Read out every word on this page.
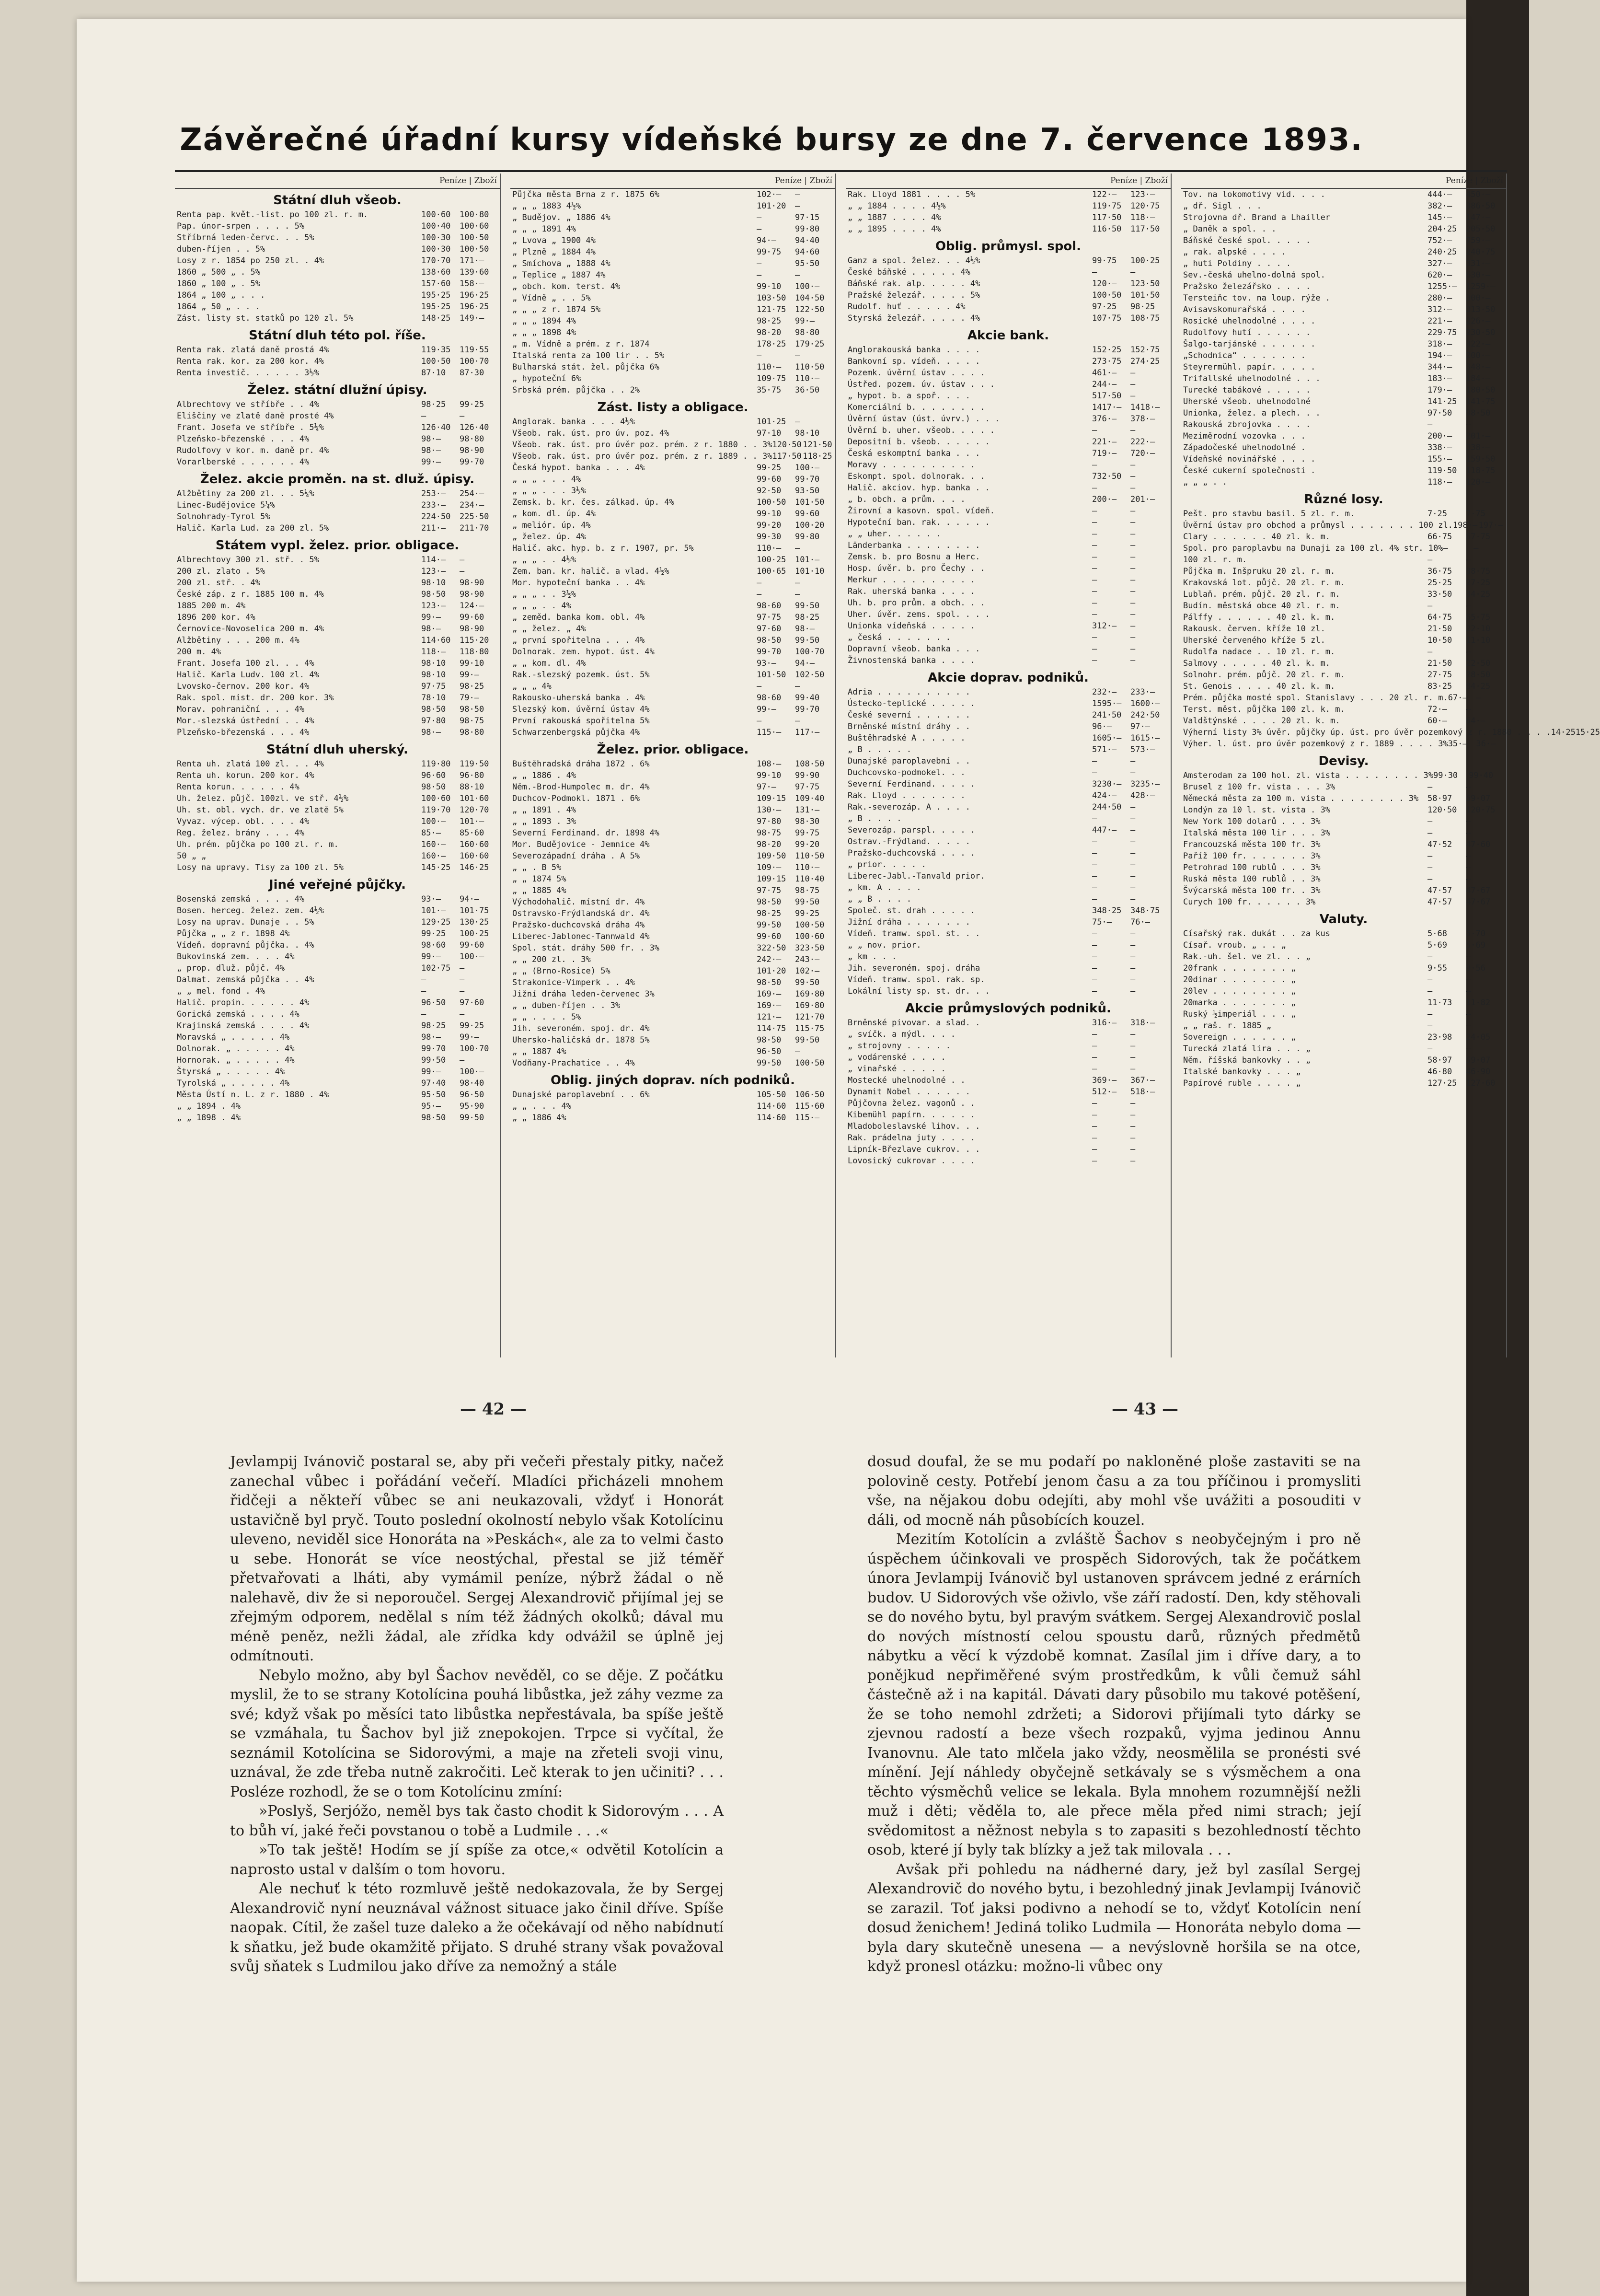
Závěrečné úřadní kursy vídeňské bursy ze dne 7. července 1893.
Peníze | Zboží
Státní dluh všeob.
Renta pap. květ.-list. po 100 zl. r. m.	100·60	100·80
Pap. únor-srpen . . . . 5%	100·40	100·60
Stříbrná leden-červc. . . 5%	100·30	100·50
duben-říjen . . 5%	100·30	100·50
Losy z r. 1854 po 250 zl. . 4%	170·70	171·—
1860 „ 500 „ . 5%	138·60	139·60
1860 „ 100 „ . 5%	157·60	158·—
1864 „ 100 „ . . .	195·25	196·25
1864 „ 50 „ . . .	195·25	196·25
Zást. listy st. statků po 120 zl. 5%	148·25	149·—
Státní dluh této pol. říše.
Renta rak. zlatá daně prostá 4%	119·35	119·55
Renta rak. kor. za 200 kor. 4%	100·50	100·70
Renta investič. . . . . . 3½%	87·10	87·30
Želez. státní dlužní úpisy.
Albrechtovy ve stříbře . . 4%	98·25	99·25
Eliščiny ve zlatě daně prosté 4%	—	—
Frant. Josefa ve stříbře . 5¼%	126·40	126·40
Plzeňsko-březenské . . . 4%	98·—	98·80
Rudolfovy v kor. m. daně pr. 4%	98·—	98·90
Vorarlberské . . . . . . 4%	99·—	99·70
Želez. akcie proměn. na st. dluž. úpisy.
Alžbětiny za 200 zl. . . 5¼%	253·—	254·—
Linec-Budějovice 5¼%	233·—	234·—
Solnohrady-Tyrol 5%	224·50	225·50
Halič. Karla Lud. za 200 zl. 5%	211·—	211·70
Státem vypl. želez. prior. obligace.
Albrechtovy 300 zl. stř. . 5%	114·—	—
200 zl. zlato . 5%	123·—	—
200 zl. stř. . 4%	98·10	98·90
České záp. z r. 1885 100 m. 4%	98·50	98·90
1885 200 m. 4%	123·—	124·—
1896 200 kor. 4%	99·—	99·60
Černovice-Novoselica 200 m. 4%	98·—	98·90
Alžbětiny . . . 200 m. 4%	114·60	115·20
200 m. 4%	118·—	118·80
Frant. Josefa 100 zl. . . 4%	98·10	99·10
Halič. Karla Ludv. 100 zl. 4%	98·10	99·—
Lvovsko-černov. 200 kor. 4%	97·75	98·25
Rak. spol. mist. dr. 200 kor. 3%	78·10	79·—
Morav. pohraniční . . . 4%	98·50	98·50
Mor.-slezská ústřední . . 4%	97·80	98·75
Plzeňsko-březenská . . . 4%	98·—	98·80
Státní dluh uherský.
Renta uh. zlatá 100 zl. . . 4%	119·80	119·50
Renta uh. korun. 200 kor. 4%	96·60	96·80
Renta korun. . . . . . 4%	98·50	88·10
Uh. želez. půjč. 100zl. ve stř. 4½%	100·60	101·60
Uh. st. obl. vych. dr. ve zlatě 5%	119·70	120·70
Vyvaz. výcep. obl. . . . 4%	100·—	101·—
Reg. želez. brány . . . 4%	85·—	85·60
Uh. prém. půjčka po 100 zl. r. m.	160·—	160·60
50 „ „	160·—	160·60
Losy na upravy. Tisy za 100 zl. 5%	145·25	146·25
Jiné veřejné půjčky.
Bosenská zemská . . . . 4%	93·—	94·—
Bosen. herceg. želez. zem. 4½%	101·—	101·75
Losy na uprav. Dunaje . . 5%	129·25	130·25
Půjčka „ „ z r. 1898 4%	99·25	100·25
Vídeň. dopravní půjčka. . 4%	98·60	99·60
Bukovinská zem. . . . 4%	99·—	100·—
„ prop. dluž. půjč. 4%	102·75	—
Dalmat. zemská půjčka . . 4%	—	—
„ „ mel. fond . 4%	—	—
Halič. propin. . . . . . 4%	96·50	97·60
Gorická zemská . . . . 4%	—	—
Krajinská zemská . . . . 4%	98·25	99·25
Moravská „ . . . . . 4%	98·—	99·—
Dolnorak. „ . . . . . 4%	99·70	100·70
Hornorak. „ . . . . . 4%	99·50	—
Štyrská „ . . . . . 4%	99·—	100·—
Tyrolská „ . . . . . 4%	97·40	98·40
Města Ústí n. L. z r. 1880 . 4%	95·50	96·50
„ „ 1894 . 4%	95·—	95·90
„ „ 1898 . 4%	98·50	99·50
Peníze | Zboží
Půjčka města Brna z r. 1875 6%	102·—	—
„ „ „ 1883 4½%	101·20	—
„ Budějov. „ 1886 4%	—	97·15
„ „ „ 1891 4%	—	99·80
„ Lvova „ 1900 4%	94·—	94·40
„ Plzně „ 1884 4%	99·75	94·60
„ Smíchova „ 1888 4%	—	95·50
„ Teplice „ 1887 4%	—	—
„ obch. kom. terst. 4%	99·10	100·—
„ Vídně „ . . 5%	103·50	104·50
„ „ „ z r. 1874 5%	121·75	122·50
„ „ „ 1894 4%	98·25	99·—
„ „ „ 1898 4%	98·20	98·80
„ m. Vídně a prém. z r. 1874	178·25	179·25
Italská renta za 100 lir . . 5%	—	—
Bulharská stát. žel. půjčka 6%	110·—	110·50
„ hypoteční 6%	109·75	110·—
Srbská prém. půjčka . . 2%	35·75	36·50
Zást. listy a obligace.
Anglorak. banka . . . 4½%	101·25	—
Všeob. rak. úst. pro úv. poz. 4%	97·10	98·10
Všeob. rak. úst. pro úvěr poz. prém. z r. 1880 . . 3% 120·50 121·50
Všeob. rak. úst. pro úvěr poz. prém. z r. 1889 . . 3% 117·50 118·25
Česká hypot. banka . . . 4%	99·25	100·—
„ „ „ . . . 4%	99·60	99·70
„ „ „ . . . 3½%	92·50	93·50
Zemsk. b. kr. čes. zálkad. úp. 4%	100·50	101·50
„ kom. dl. úp. 4%	99·10	99·60
„ meliór. úp. 4%	99·20	100·20
„ želez. úp. 4%	99·30	99·80
Halič. akc. hyp. b. z r. 1907, pr. 5%	110·—	—
„ „ „ . . 4½%	100·25	101·—
Zem. ban. kr. halič. a vlad. 4½%	100·65	101·10
Mor. hypoteční banka . . 4%	—	—
„ „ „ . . 3½%	—	—
„ „ „ . . 4%	98·60	99·50
„ zeměd. banka kom. obl. 4%	97·75	98·25
„ „ želez. „ 4%	97·60	98·—
„ první spořitelna . . . 4%	98·50	99·50
Dolnorak. zem. hypot. úst. 4%	99·70	100·70
„ „ kom. dl. 4%	93·—	94·—
Rak.-slezský pozemk. úst. 5%	101·50	102·50
„ „ „ 4%	—	—
Rakousko-uherská banka . 4%	98·60	99·40
Slezský kom. úvěrní ústav 4%	99·—	99·70
První rakouská spořitelna 5%	—	—
Schwarzenbergská půjčka 4%	115·—	117·—
Želez. prior. obligace.
Buštěhradská dráha 1872 . 6%	108·—	108·50
„ „ 1886 . 4%	99·10	99·90
Něm.-Brod-Humpolec m. dr. 4%	97·—	97·75
Duchcov-Podmokl. 1871 . 6%	109·15	109·40
„ „ 1891 . 4%	130·—	131·—
„ „ 1893 . 3%	97·80	98·30
Severní Ferdinand. dr. 1898 4%	98·75	99·75
Mor. Budějovice - Jemnice 4%	98·20	99·20
Severozápadní dráha . A 5%	109·50	110·50
„ „ . B 5%	109·—	110·—
„ „ 1874 5%	109·15	110·40
„ „ 1885 4%	97·75	98·75
Východohalič. místní dr. 4%	98·50	99·50
Ostravsko-Frýdlandská dr. 4%	98·25	99·25
Pražsko-duchcovská dráha 4%	99·50	100·50
Liberec-Jablonec-Tannwald 4%	99·60	100·60
Spol. stát. dráhy 500 fr. . 3%	322·50	323·50
„ „ 200 zl. . 3%	242·—	243·—
„ „ (Brno-Rosice) 5%	101·20	102·—
Strakonice-Vimperk . . 4%	98·50	99·50
Jižní dráha leden-červenec 3%	169·—	169·80
„ „ duben-říjen . . 3%	169·—	169·80
„ „ . . . . 5%	121·—	121·70
Jih. severoném. spoj. dr. 4%	114·75	115·75
Uhersko-haličská dr. 1878 5%	98·50	99·50
„ „ 1887 4%	96·50	—
Vodňany-Prachatice . . 4%	99·50	100·50
Oblig. jiných doprav. ních podniků.
Dunajské paroplavební . . 6%	105·50	106·50
„ „ . . . 4%	114·60	115·60
„ „ 1886 4%	114·60	115·—
Peníze | Zboží
Rak. Lloyd 1881 . . . . 5%	122·—	123·—
„ „ 1884 . . . . 4½%	119·75	120·75
„ „ 1887 . . . . 4%	117·50	118·—
„ „ 1895 . . . . 4%	116·50	117·50
Oblig. průmysl. spol.
Ganz a spol. želez. . . 4½%	99·75	100·25
České báňské . . . . . 4%	—	—
Báňské rak. alp. . . . . 4%	120·—	123·50
Pražské železář. . . . . 5%	100·50	101·50
Rudolf. huť . . . . . 4%	97·25	98·25
Styrská železář. . . . . 4%	107·75	108·75
Akcie bank.
Anglorakouská banka . . . .	152·25	152·75
Bankovní sp. vídeň. . . . .	273·75	274·25
Pozemk. úvěrní ústav . . . .	461·—	—
Ústřed. pozem. úv. ústav . . .	244·—	—
„ hypot. b. a spoř. . . .	517·50	—
Komerciální b. . . . . . . .	1417·—	1418·—
Úvěrní ústav (úst. úvrv.) . . .	376·—	378·—
Úvěrní b. uher. všeob. . . . .	—	—
Depositní b. všeob. . . . . .	221·—	222·—
Česká eskomptní banka . . .	719·—	720·—
Moravy . . . . . . . . . .	—	—
Eskompt. spol. dolnorak. . .	732·50	—
Halič. akciov. hyp. banka . .	—	—
„ b. obch. a prům. . . .	200·—	201·—
Žirovní a kasovn. spol. vídeň.	—	—
Hypoteční ban. rak. . . . . .	—	—
„ „ uher. . . . . .	—	—
Länderbanka . . . . . . . .	—	—
Zemsk. b. pro Bosnu a Herc.	—	—
Hosp. úvěr. b. pro Čechy . .	—	—
Merkur . . . . . . . . . .	—	—
Rak. uherská banka . . . .	—	—
Uh. b. pro prům. a obch. . .	—	—
Uher. úvěr. zems. spol. . . .	—	—
Unionka vídeňská . . . . .	312·—	—
„ česká . . . . . . .	—	—
Dopravní všeob. banka . . .	—	—
Živnostenská banka . . . .	—	—
Akcie doprav. podniků.
Adria . . . . . . . . . .	232·—	233·—
Ústecko-teplické . . . . .	1595·—	1600·—
České severní . . . . . .	241·50	242·50
Brněnské místní dráhy . .	96·—	97·—
Buštěhradské A . . . . .	1605·—	1615·—
„ B . . . . .	571·—	573·—
Dunajské paroplavební . .	—	—
Duchcovsko-podmokel. . .	—	—
Severní Ferdinand. . . . .	3230·—	3235·—
Rak. Lloyd . . . . . . .	424·—	428·—
Rak.-severozáp. A . . . .	244·50	—
„ B . . . .	—	—
Severozáp. parspl. . . . .	447·—	—
Ostrav.-Frýdland. . . . .	—	—
Pražsko-duchcovská . . . .	—	—
„ prior. . . . .	—	—
Liberec-Jabl.-Tanvald prior.	—	—
„ km. A . . . .	—	—
„ „ B . . . .	—	—
Společ. st. drah . . . . .	348·25	348·75
Jižní dráha . . . . . . .	75·—	76·—
Vídeň. tramw. spol. st. . .	—	—
„ „ nov. prior.	—	—
„ km . . .	—	—
Jih. severoném. spoj. dráha	—	—
Vídeň. tramw. spol. rak. sp.	—	—
Lokální listy sp. st. dr. . .	—	—
Akcie průmyslových podniků.
Brněnské pivovar. a slad. .	316·—	318·—
„ svíčk. a mýdl. . . .	—	—
„ strojovny . . . . .	—	—
„ vodárenské . . . .	—	—
„ vinařské . . . . .	—	—
Mostecké uhelnodolné . .	369·—	367·—
Dynamit Nobel . . . . . .	512·—	518·—
Půjčovna želez. vagonů . .	—	—
Kibemühl papírn. . . . . .	—	—
Mladoboleslavské lihov. . .	—	—
Rak. prádelna juty . . . .	—	—
Lipník-Březlave cukrov. . .	—	—
Lovosický cukrovar . . . .	—	—
Peníze | Zboží
Tov. na lokomotivy vid. . . .	444·—	450·—
„ dř. Sigl . . .	382·—	386·50
Strojovna dř. Brand a Lhailler	145·—	147·—
„ Daněk a spol. . .	204·25	205·50
Báňské české spol. . . . .	752·—	759·—
„ rak. alpské . . . .	240·25	240·75
„ huti Poldiny . . . .	327·—	331·—
Sev.-česká uhelno-dolná spol.	620·—	630·—
Pražsko železářsko . . . .	1255·—	1259·—
Tersteiňc tov. na loup. rýže .	280·—	300·—
Avisavskomurařská . . . .	312·—	313·50
Rosické uhelnodolné . . . .	221·—	226·—
Rudolfovy hutí . . . . . .	229·75	230·50
Šalgo-tarjánské . . . . . .	318·—	322·—
„Schodnica“ . . . . . . .	194·—	200·—
Steyrermühl. papír. . . . .	344·—	348·—
Trifallské uhelnodolné . . .	183·—	184·—
Turecké tabákové . . . . .	179·—	180·50
Uherské všeob. uhelnodolné	141·25	141·75
Unionka, želez. a plech. . .	97·50	98·50
Rakouská zbrojovka . . . .	—	—
Meziměrodní vozovka . . .	200·—	201·—
Západočeské uhelnodolné .	338·—	338·—
Vídeňské novinářské . . . .	155·—	159·50
České cukerní společnosti .	119·50	118·75
„ „ „ . .	118·—	120·—
Různé losy.
Pešt. pro stavbu basil. 5 zl. r. m.	7·25	7·75
Úvěrní ústav pro obchod a průmysl . . . . . . . 100 zl. 198·— 197·—
Clary . . . . . . 40 zl. k. m.	66·75	67·75
Spol. pro paroplavbu na Dunaji za 100 zl. 4% str. 10% —	—
100 zl. r. m.	—	—
Půjčka m. Inšpruku 20 zl. r. m.	36·75	38·75
Krakovská lot. půjč. 20 zl. r. m.	25·25	27·25
Lublaň. prém. půjč. 20 zl. r. m.	33·50	34·25
Budín. městská obce 40 zl. r. m.	—	—
Pálffy . . . . . . 40 zl. k. m.	64·75	65·75
Rakousk. červen. kříže 10 zl.	21·50	22·10
Uherské červeného kříže 5 zl.	10·50	11·10
Rudolfa nadace . . 10 zl. r. m.	—	—
Salmovy . . . . . 40 zl. k. m.	21·50	22·50
Solnohr. prém. půjč. 20 zl. r. m.	27·75	28·50
St. Genois . . . . 40 zl. k. m.	83·25	84·25
Prém. půjčka mosté spol. Stanislavy . . . 20 zl. r. m. 67·—	—
Terst. měst. půjčka 100 zl. k. m.	72·—	—
Valdštýnské . . . . 20 zl. k. m.	60·—	64·—
Výherní listy 3% úvěr. půjčky úp. úst. pro úvěr pozemkový z r. 1880 . . . . 14·25 15·25
Výher. l. úst. pro úvěr pozemkový z r. 1889 . . . . 3% 35·—	36·—
Devisy.
Amsterodam za 100 hol. zl. vista . . . . . . . . 3% 99·30	99·40
Brusel z 100 fr. vista . . . 3%	—	—
Německá města za 100 m. vista . . . . . . . . 3%	58·97	59·07
Londýn za 10 l. st. vista . 3%	120·50	120·75
New York 100 dolarů . . . 3%	—	—
Italská města 100 lir . . . 3%	—	—
Francouzská města 100 fr. 3%	47·52	47·60
Paříž 100 fr. . . . . . . 3%	—	—
Petrohrad 100 rublů . . . 3%	—	—
Ruská města 100 rublů . . 3%	—	—
Švýcarská města 100 fr. . 3%	47·57	47·67
Curych 100 fr. . . . . . 3%	47·57	47·67
Valuty.
Císařský rak. dukát . . za kus	5·68	5·70
Císař. vroub. „ . . „	5·69	5·69
Rak.-uh. šel. ve zl. . . „	—	—
20frank . . . . . . . „	9·55	9·56
20dinar . . . . . . . „	—	—
20lev . . . . . . . . „	—	—
20marka . . . . . . . „	11·73	11·82
Ruský ½imperiál . . . „	—	—
„ „ raš. r. 1885 „	—	—
Sovereign . . . . . . „	23·98	24·05
Turecká zlatá lira . . . „	—	—
Něm. říšská bankovky . . „	58·97	59·07
Italské bankovky . . . „	46·80	46·90
Papírové ruble . . . . „	127·25	127·60
— 42 —	— 43 —

Jevlampij Ivánovič postaral se, aby při večeři přestaly pitky, načež zanechal vůbec i pořádání večeří. Mladíci přicházeli mnohem řidčeji a někteří vůbec se ani neukazovali, vždyť i Honorát ustavičně byl pryč. Touto poslední okolností nebylo však Kotolícinu uleveno, neviděl sice Honoráta na »Peskách«, ale za to velmi často u sebe. Honorát se více neostýchal, přestal se již téměř přetvařovati a lháti, aby vymámil peníze, nýbrž žádal o ně nalehavě, div že si neporoučel. Sergej Alexandrovič přijímal jej se zřejmým odporem, nedělal s ním též žádných okolků; dával mu méně peněz, nežli žádal, ale zřídka kdy odvážil se úplně jej odmítnouti.

Nebylo možno, aby byl Šachov nevěděl, co se děje. Z počátku myslil, že to se strany Kotolícina pouhá libůstka, jež záhy vezme za své; když však po měsíci tato libůstka nepřestávala, ba spíše ještě se vzmáhala, tu Šachov byl již znepokojen. Trpce si vyčítal, že seznámil Kotolícina se Sidorovými, a maje na zřeteli svoji vinu, uznával, že zde třeba nutně zakročiti. Leč kterak to jen učiniti? . . . Posléze rozhodl, že se o tom Kotolícinu zmíní:

»Poslyš, Serjóžo, neměl bys tak často chodit k Sidorovým . . . A to bůh ví, jaké řeči povstanou o tobě a Ludmile . . .«

»To tak ještě! Hodím se jí spíše za otce,« odvětil Kotolícin a naprosto ustal v dalším o tom hovoru.

Ale nechuť k této rozmluvě ještě nedokazovala, že by Sergej Alexandrovič nyní neuznával vážnost situace jako činil dříve. Spíše naopak. Cítil, že zašel tuze daleko a že očekávají od něho nabídnutí k sňatku, jež bude okamžitě přijato. S druhé strany však považoval svůj sňatek s Ludmilou jako dříve za nemožný a stále

dosud doufal, že se mu podaří po nakloněné ploše zastaviti se na polovině cesty. Potřebí jenom času a za tou příčinou i promysliti vše, na nějakou dobu odejíti, aby mohl vše uvážiti a posouditi v dáli, od mocně náh působících kouzel.

Mezitím Kotolícin a zvláště Šachov s neobyčejným i pro ně úspěchem účinkovali ve prospěch Sidorových, tak že počátkem února Jevlampij Ivánovič byl ustanoven správcem jedné z erárních budov. U Sidorových vše oživlo, vše září radostí. Den, kdy stěhovali se do nového bytu, byl pravým svátkem. Sergej Alexandrovič poslal do nových místností celou spoustu darů, různých předmětů nábytku a věcí k výzdobě komnat. Zasílal jim i dříve dary, a to ponějkud nepřiměřené svým prostředkům, k vůli čemuž sáhl částečně až i na kapitál. Dávati dary působilo mu takové potěšení, že se toho nemohl zdržeti; a Sidorovi přijímali tyto dárky se zjevnou radostí a beze všech rozpaků, vyjma jedinou Annu Ivanovnu. Ale tato mlčela jako vždy, neosmělila se pronésti své mínění. Její náhledy obyčejně setkávaly se s výsměchem a ona těchto výsměchů velice se lekala. Byla mnohem rozumnější nežli muž i děti; věděla to, ale přece měla před nimi strach; její svědomitost a něžnost nebyla s to zapasiti s bezohledností těchto osob, které jí byly tak blízky a jež tak milovala . . .

Avšak při pohledu na nádherné dary, jež byl zasílal Sergej Alexandrovič do nového bytu, i bezohledný jinak Jevlampij Ivánovič se zarazil. Toť jaksi podivno a nehodí se to, vždyť Kotolícin není dosud ženichem! Jediná toliko Ludmila — Honoráta nebylo doma — byla dary skutečně unesena — a nevýslovně horšila se na otce, když pronesl otázku: možno-li vůbec ony
